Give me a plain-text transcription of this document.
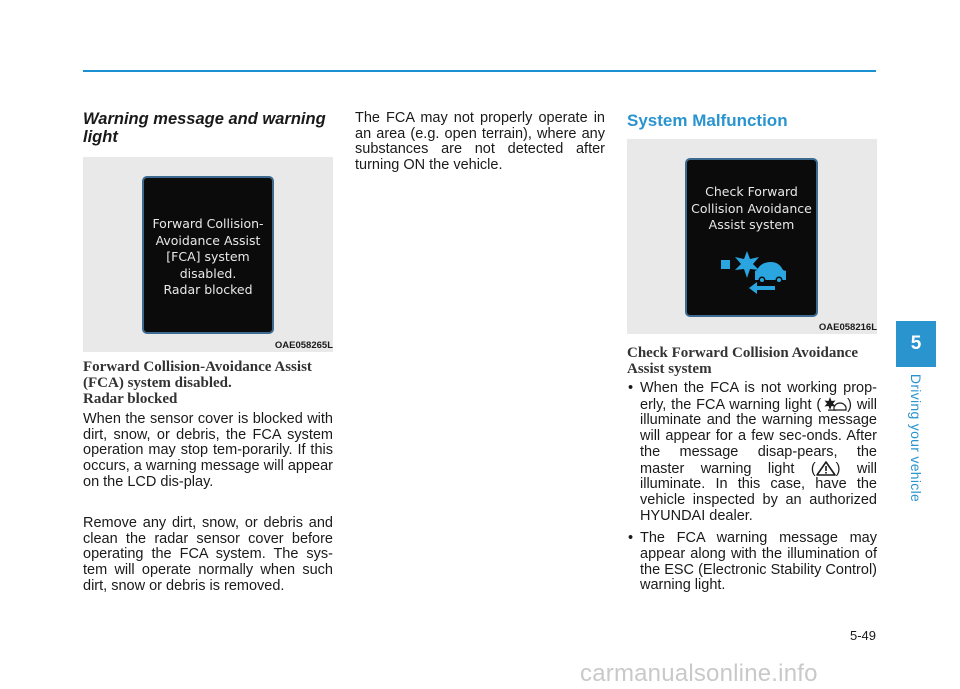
Warning message and warning light
Forward Collision-
Avoidance Assist
[FCA] system
disabled.
Radar blocked
OAE058265L
Forward Collision-Avoidance Assist
(FCA) system disabled.
Radar blocked

When the sensor cover is blocked with dirt, snow, or debris, the FCA system operation may stop tem-porarily. If this occurs, a warning message will appear on the LCD dis-play.

Remove any dirt, snow, or debris and clean the radar sensor cover before operating the FCA system. The sys-tem will operate normally when such dirt, snow or debris is removed.

The FCA may not properly operate in an area (e.g. open terrain), where any substances are not detected after turning ON the vehicle.

System Malfunction
Check Forward
Collision Avoidance
Assist system
OAE058216L
Check Forward Collision Avoidance
Assist system
• When the FCA is not working prop-erly, the FCA warning light ( ) will illuminate and the warning message will appear for a few sec-onds. After the message disap-pears, the master warning light ( ) will illuminate. In this case, have the vehicle inspected by an authorized HYUNDAI dealer.
• The FCA warning message may appear along with the illumination of the ESC (Electronic Stability Control) warning light.
5
Driving your vehicle
5-49
carmanualsonline.info
